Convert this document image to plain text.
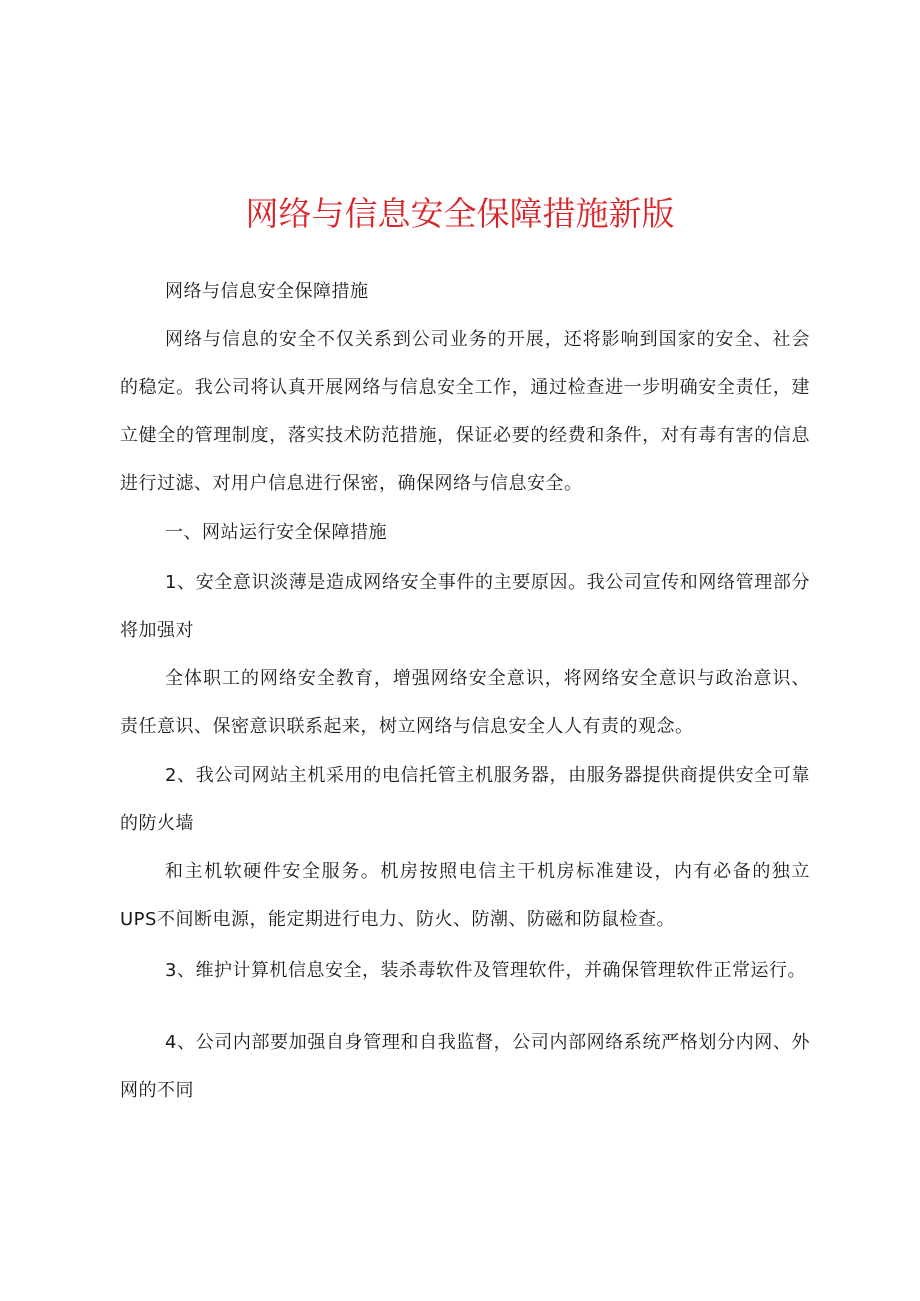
网络与信息安全保障措施新版

网络与信息安全保障措施

网络与信息的安全不仅关系到公司业务的开展，还将影响到国家的安全、社会的稳定。我公司将认真开展网络与信息安全工作，通过检查进一步明确安全责任，建立健全的管理制度，落实技术防范措施，保证必要的经费和条件，对有毒有害的信息进行过滤、对用户信息进行保密，确保网络与信息安全。

一、网站运行安全保障措施

1、安全意识淡薄是造成网络安全事件的主要原因。我公司宣传和网络管理部分将加强对

全体职工的网络安全教育，增强网络安全意识，将网络安全意识与政治意识、责任意识、保密意识联系起来，树立网络与信息安全人人有责的观念。

2、我公司网站主机采用的电信托管主机服务器，由服务器提供商提供安全可靠的防火墙

和主机软硬件安全服务。机房按照电信主干机房标准建设，内有必备的独立UPS不间断电源，能定期进行电力、防火、防潮、防磁和防鼠检查。

3、维护计算机信息安全，装杀毒软件及管理软件，并确保管理软件正常运行。

4、公司内部要加强自身管理和自我监督，公司内部网络系统严格划分内网、外网的不同
